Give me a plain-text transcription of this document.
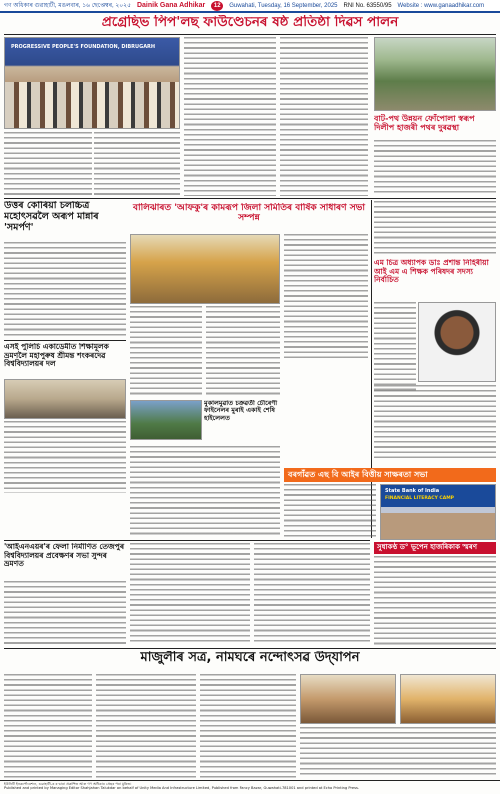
গণ অধিকাৰ গুৱাহাটী, মঙলবাৰ, ১৬ ছেপ্তেম্বৰ, ২০২৫ Dainik Gana Adhikar	12	Guwahati, Tuesday, 16 September, 2025 RNI No. 63550/95 Website : www.ganaadhikar.com
প্ৰগ্ৰেছিভ পিপ'লছ ফাউণ্ডেচনৰ ষষ্ঠ প্ৰতিষ্ঠা দিৱস পালন
PROGRESSIVE PEOPLE'S FOUNDATION, DIBRUGARH
বাট-পথ উন্নয়ন ফোঁপোলা স্বৰূপ দিলীপ হাজৰী পথৰ দুৰৱস্থা
উত্তৰ কোৰিয়া চলচ্চিত্ৰ মহোৎসৱলৈ অৰূপ মান্নাৰ 'সমৰ্পণ'
বালিঝাৰত 'আফকু'ৰ কামৰূপ জিলা সমিতিৰ বাৰ্ষিক সাধাৰণ সভা সম্পন্ন
এম চিত্ৰ অধ্যাপক ডাঃ প্ৰশান্ত নিহিৰীয়া আই এম এ শিক্ষক পৰিষদৰ সদস্য নিৰ্বাচিত
এসই পুলিচি একাডেমীত শিক্ষামূলক ভ্ৰমণলৈ মহাপুৰুষ শ্ৰীমন্ত শংকৰদেৱ বিশ্ববিদ্যালয়ৰ দল
মুকালমুৱাত চক্ৰৱৰ্তী চৌৰেণী ফাইনেলৰ মুৰাই একাই শেষি হাইলেলত
বৰগাঁৱত এছ বি আইৰ বিত্তীয় সাক্ষৰতা সভা
State Bank of India
FINANCIAL LITERACY CAMP
সুধাকণ্ঠ ড° ভূপেন হাজৰিকাক স্মৰণ
'আইএনএয়ৰ'ৰ ফেলা নিৰ্মাণিত তেজপুৰ বিশ্ববিদ্যালয়ৰ প্ৰবেক্ষণৰ সভা সুন্দৰ ভ্ৰমণত
মাজুলীৰ সত্ৰ, নামঘৰে নন্দোৎসৱ উদ্‌যাপন
ইউনিটি ইনকৰ্পোৰেশ্যন, গুৱাহাটী-৩ ৰ দ্বাৰা প্ৰকাশিত আৰু গণ অধিকাৰ প্ৰেছৰ পৰা মুদ্ৰিত।
Published and printed by Managing Editor Shahjahan Talukdar on behalf of Unity Media And Infrastructure Limited, Published from Fancy Bazar, Guwahati-781001 and printed at Echo Printing Press.
